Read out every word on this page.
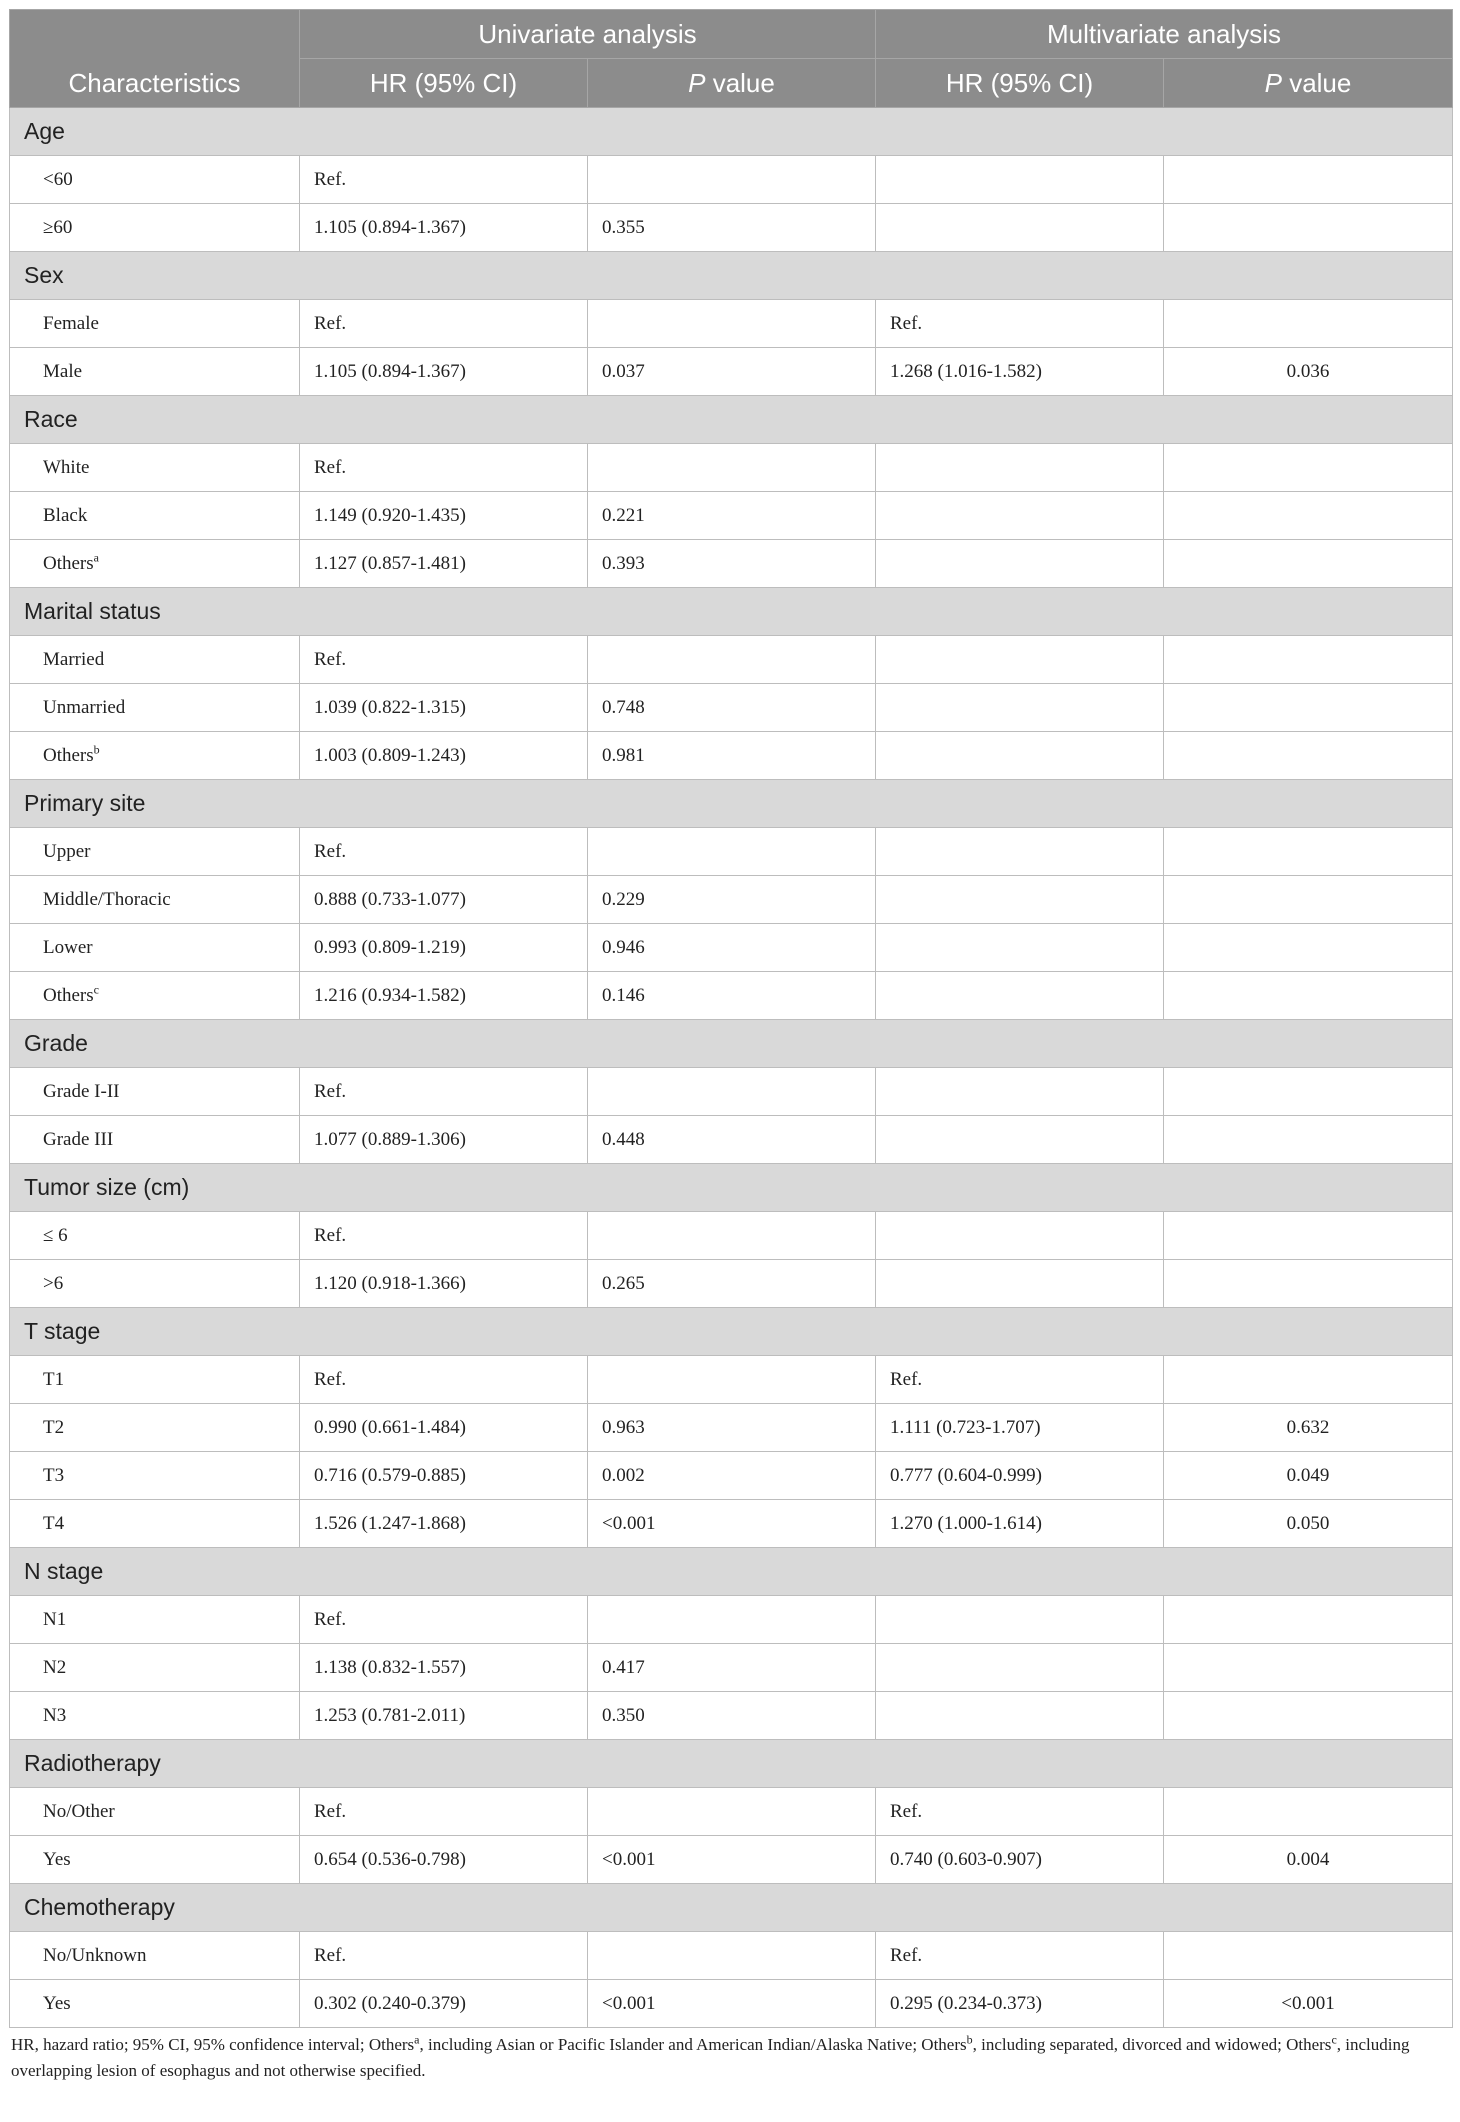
Characteristics	Univariate analysis		Multivariate analysis	
	HR (95% CI)	P value	HR (95% CI)	P value
Age				
<60	Ref.			
≥60	1.105 (0.894-1.367)	0.355		
Sex				
Female	Ref.		Ref.	
Male	1.105 (0.894-1.367)	0.037	1.268 (1.016-1.582)	0.036
Race				
White	Ref.			
Black	1.149 (0.920-1.435)	0.221		
Others$^a$	1.127 (0.857-1.481)	0.393		
Marital status				
Married	Ref.			
Unmarried	1.039 (0.822-1.315)	0.748		
Others$^b$	1.003 (0.809-1.243)	0.981		
Primary site				
Upper	Ref.			
Middle/Thoracic	0.888 (0.733-1.077)	0.229		
Lower	0.993 (0.809-1.219)	0.946		
Others$^c$	1.216 (0.934-1.582)	0.146		
Grade				
Grade I-II	Ref.			
Grade III	1.077 (0.889-1.306)	0.448		
Tumor size (cm)				
≤ 6	Ref.			
>6	1.120 (0.918-1.366)	0.265		
T stage				
T1	Ref.		Ref.	
T2	0.990 (0.661-1.484)	0.963	1.111 (0.723-1.707)	0.632
T3	0.716 (0.579-0.885)	0.002	0.777 (0.604-0.999)	0.049
T4	1.526 (1.247-1.868)	<0.001	1.270 (1.000-1.614)	0.050
N stage				
N1	Ref.			
N2	1.138 (0.832-1.557)	0.417		
N3	1.253 (0.781-2.011)	0.350		
Radiotherapy				
No/Other	Ref.		Ref.	
Yes	0.654 (0.536-0.798)	<0.001	0.740 (0.603-0.907)	0.004
Chemotherapy				
No/Unknown	Ref.		Ref.	
Yes	0.302 (0.240-0.379)	<0.001	0.295 (0.234-0.373)	<0.001
HR, hazard ratio; 95% CI, 95% confidence interval; Others$^a$, including Asian or Pacific Islander and American Indian/Alaska Native; Others$^b$, including separated, divorced and widowed; Others$^c$, including overlapping lesion of esophagus and not otherwise specified.
